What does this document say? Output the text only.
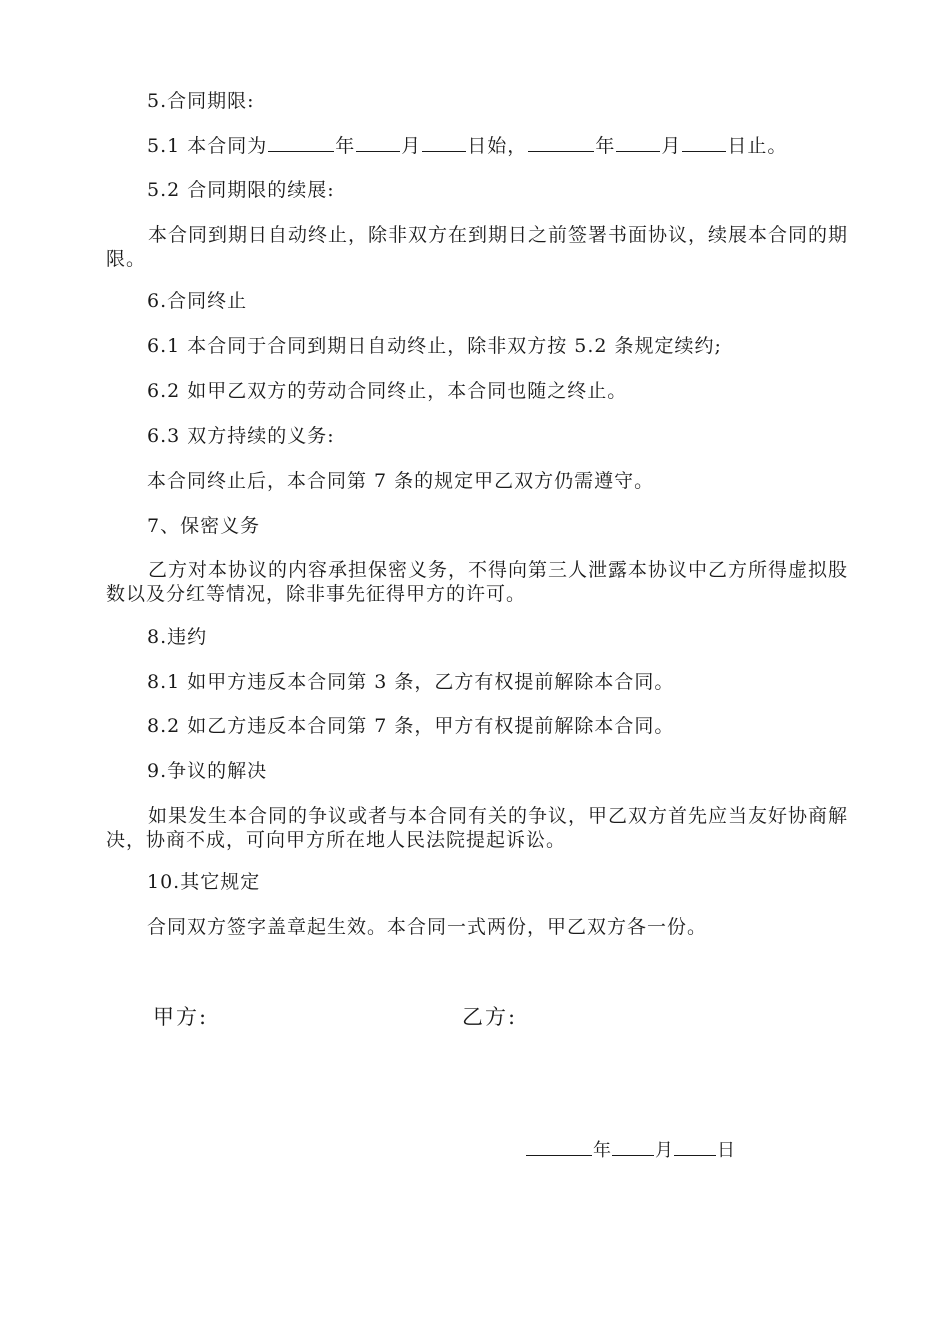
5.合同期限:
5.1 本合同为	年 月 日始，	年 月 日止。
5.2 合同期限的续展:
本合同到期日自动终止，除非双方在到期日之前签署书面协议，续展本合同的期限。
6.合同终止
6.1 本合同于合同到期日自动终止，除非双方按 5.2 条规定续约;
6.2 如甲乙双方的劳动合同终止，本合同也随之终止。
6.3 双方持续的义务:
本合同终止后，本合同第 7 条的规定甲乙双方仍需遵守。
7、保密义务
乙方对本协议的内容承担保密义务，不得向第三人泄露本协议中乙方所得虚拟股数以及分红等情况，除非事先征得甲方的许可。
8.违约
8.1 如甲方违反本合同第 3 条，乙方有权提前解除本合同。
8.2 如乙方违反本合同第 7 条，甲方有权提前解除本合同。
9.争议的解决
如果发生本合同的争议或者与本合同有关的争议，甲乙双方首先应当友好协商解决，协商不成，可向甲方所在地人民法院提起诉讼。
10.其它规定
合同双方签字盖章起生效。本合同一式两份，甲乙双方各一份。
甲方:	乙方:
年 月 日
